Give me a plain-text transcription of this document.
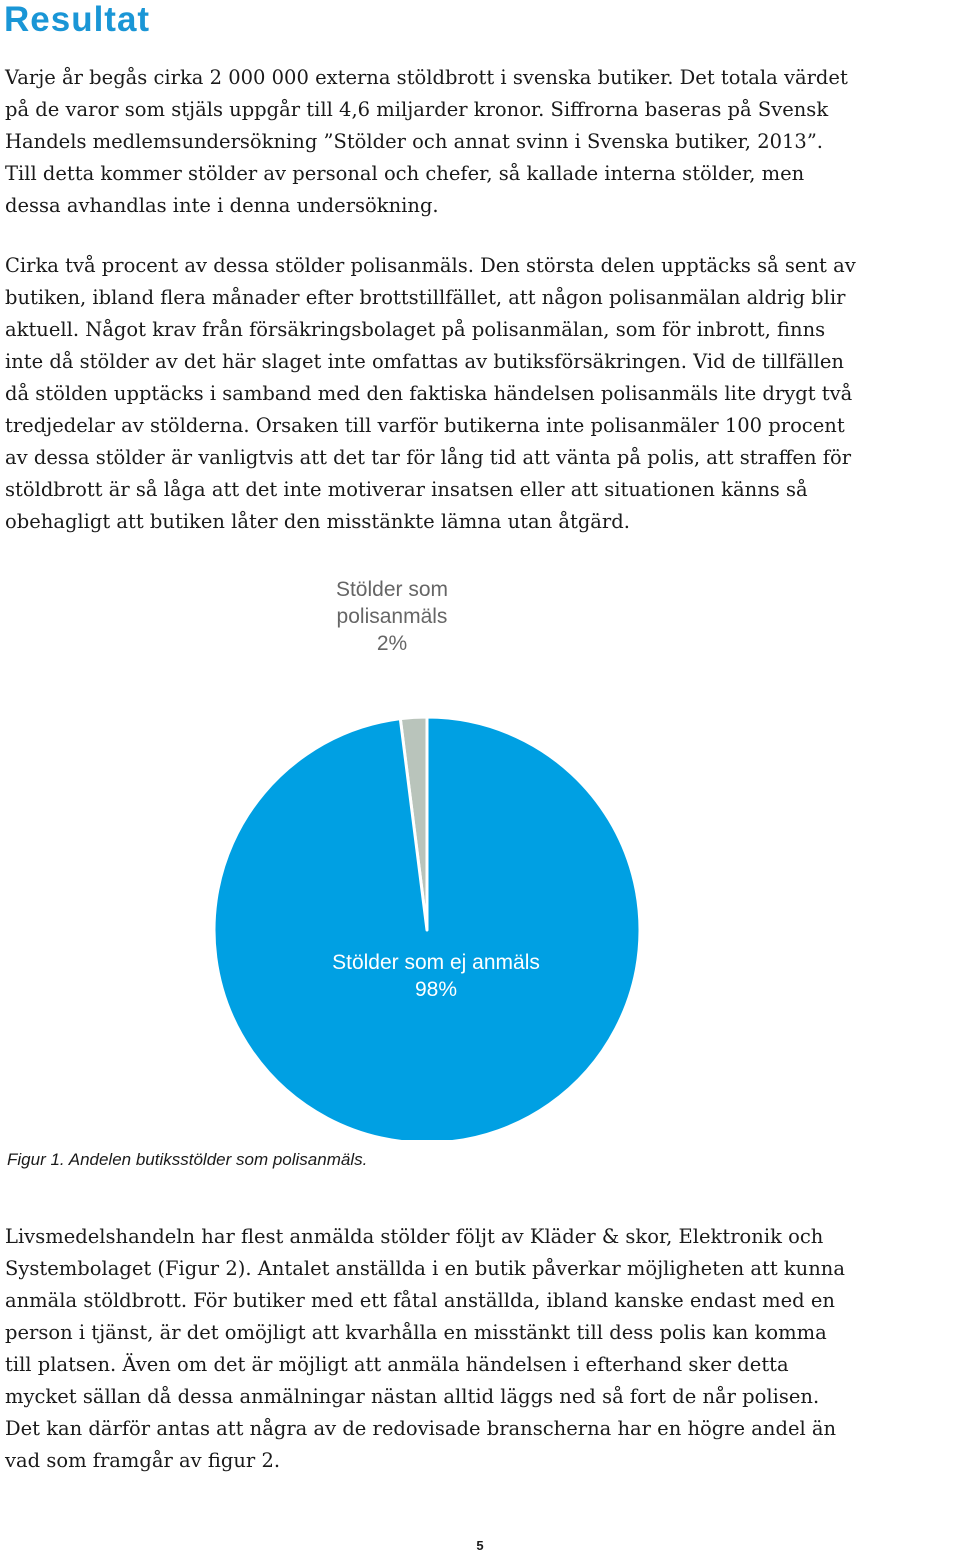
Resultat
Varje år begås cirka 2 000 000 externa stöldbrott i svenska butiker. Det totala värdet
på de varor som stjäls uppgår till 4,6 miljarder kronor. Siffrorna baseras på Svensk
Handels medlemsundersökning ”Stölder och annat svinn i Svenska butiker, 2013”.
Till detta kommer stölder av personal och chefer, så kallade interna stölder, men
dessa avhandlas inte i denna undersökning.
Cirka två procent av dessa stölder polisanmäls. Den största delen upptäcks så sent av
butiken, ibland flera månader efter brottstillfället, att någon polisanmälan aldrig blir
aktuell. Något krav från försäkringsbolaget på polisanmälan, som för inbrott, finns
inte då stölder av det här slaget inte omfattas av butiksförsäkringen. Vid de tillfällen
då stölden upptäcks i samband med den faktiska händelsen polisanmäls lite drygt två
tredjedelar av stölderna. Orsaken till varför butikerna inte polisanmäler 100 procent
av dessa stölder är vanligtvis att det tar för lång tid att vänta på polis, att straffen för
stöldbrott är så låga att det inte motiverar insatsen eller att situationen känns så
obehagligt att butiken låter den misstänkte lämna utan åtgärd.
Stölder som
polisanmäls
2%
Stölder som ej anmäls
98%

Figur 1. Andelen butiksstölder som polisanmäls.

Livsmedelshandeln har flest anmälda stölder följt av Kläder & skor, Elektronik och
Systembolaget (Figur 2). Antalet anställda i en butik påverkar möjligheten att kunna
anmäla stöldbrott. För butiker med ett fåtal anställda, ibland kanske endast med en
person i tjänst, är det omöjligt att kvarhålla en misstänkt till dess polis kan komma
till platsen. Även om det är möjligt att anmäla händelsen i efterhand sker detta
mycket sällan då dessa anmälningar nästan alltid läggs ned så fort de når polisen.
Det kan därför antas att några av de redovisade branscherna har en högre andel än
vad som framgår av figur 2.
5
